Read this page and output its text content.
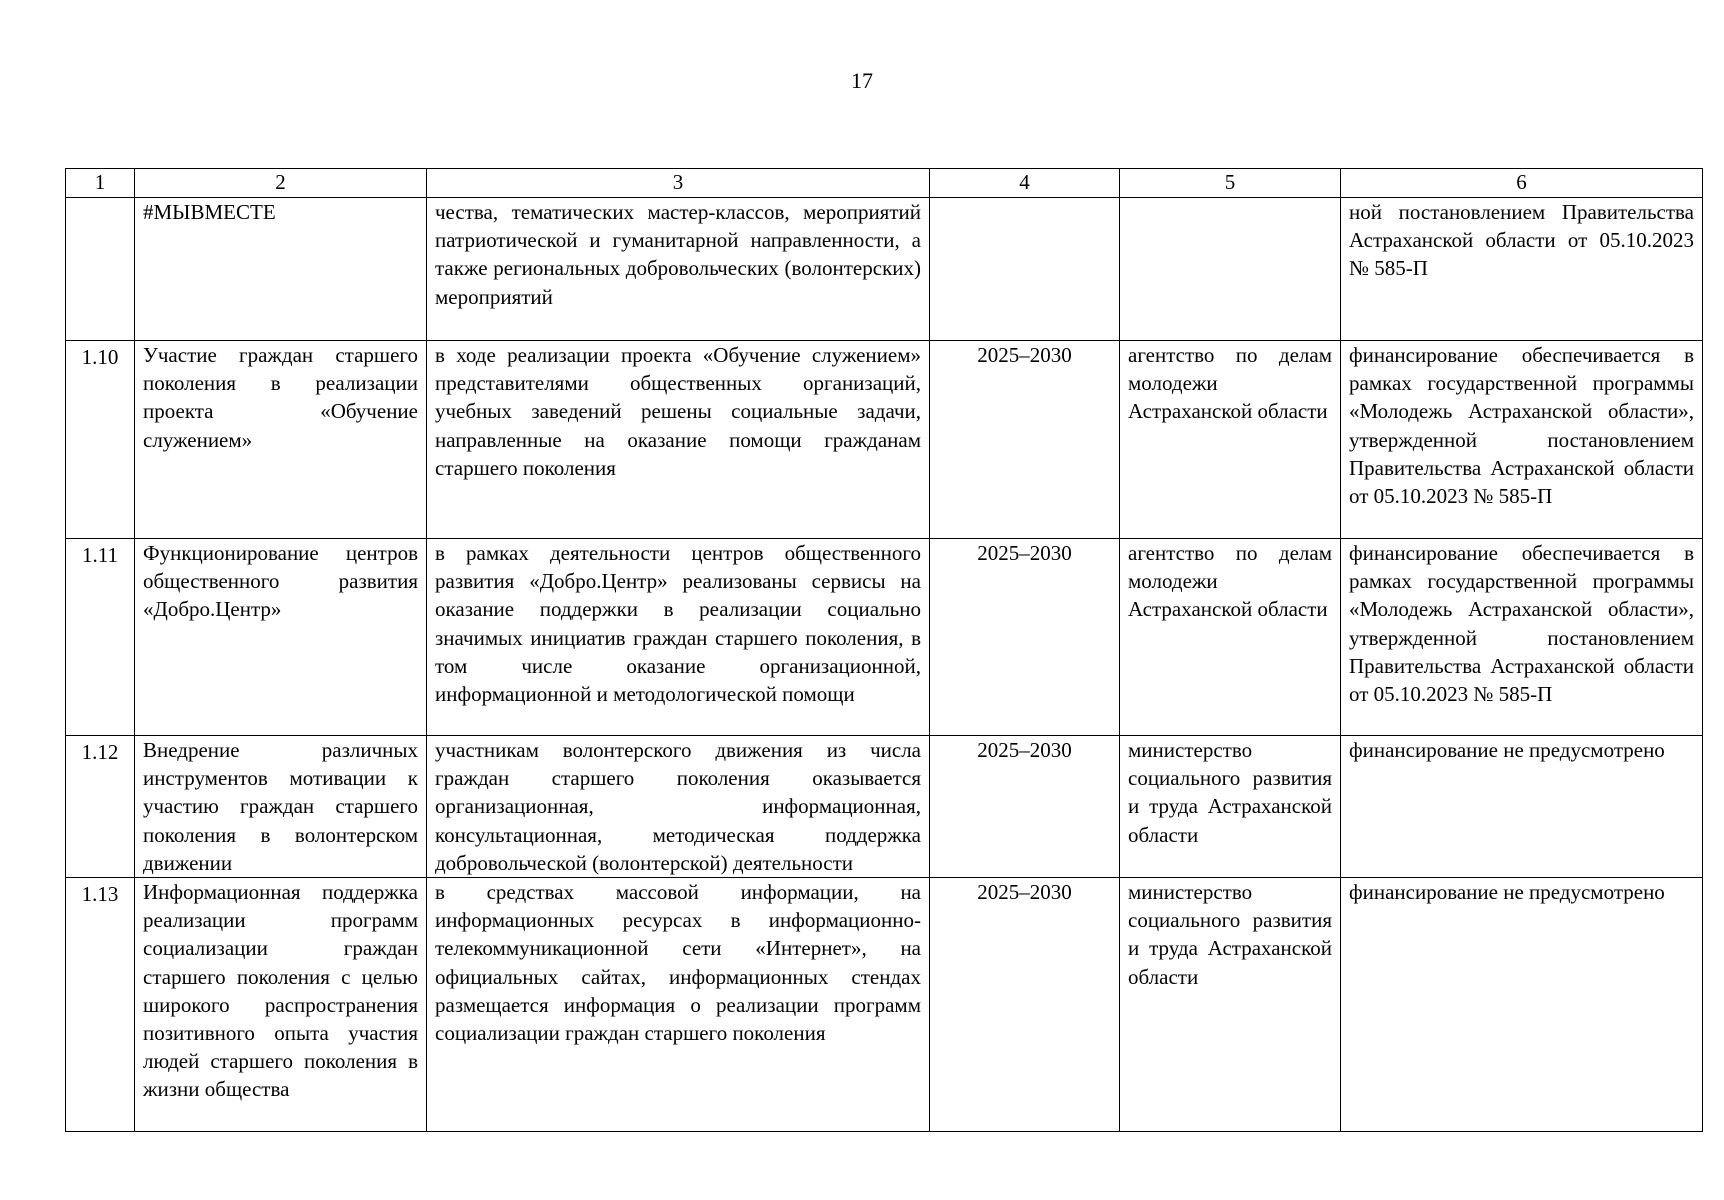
17
1	2	3	4	5	6
	#МЫВМЕСТЕ	чества, тематических мастер-классов, мероприятий патриотической и гуманитарной направленности, а также региональных добровольческих (волонтерских) мероприятий			ной постановлением Правительства Астраханской области от 05.10.2023 № 585-П
1.10	Участие граждан старшего поколения в реализации проекта «Обучение служением»	в ходе реализации проекта «Обучение служением» представителями общественных организаций, учебных заведений решены социальные задачи, направленные на оказание помощи гражданам старшего поколения	2025–2030	агентство по делам молодежи Астраханской области	финансирование обеспечивается в рамках государственной программы «Молодежь Астраханской области», утвержденной постановлением Правительства Астраханской области от 05.10.2023 № 585-П
1.11	Функционирование центров общественного развития «Добро.Центр»	в рамках деятельности центров общественного развития «Добро.Центр» реализованы сервисы на оказание поддержки в реализации социально значимых инициатив граждан старшего поколения, в том числе оказание организационной, информационной и методологической помощи	2025–2030	агентство по делам молодежи Астраханской области	финансирование обеспечивается в рамках государственной программы «Молодежь Астраханской области», утвержденной постановлением Правительства Астраханской области от 05.10.2023 № 585-П
1.12	Внедрение различных инструментов мотивации к участию граждан старшего поколения в волонтерском движении	участникам волонтерского движения из числа граждан старшего поколения оказывается организационная, информационная, консультационная, методическая поддержка добровольческой (волонтерской) деятельности	2025–2030	министерство социального развития и труда Астраханской области	финансирование не предусмотрено
1.13	Информационная поддержка реализации программ социализации граждан старшего поколения с целью широкого распространения позитивного опыта участия людей старшего поколения в жизни общества	в средствах массовой информации, на информационных ресурсах в информационно-телекоммуникационной сети «Интернет», на официальных сайтах, информационных стендах размещается информация о реализации программ социализации граждан старшего поколения	2025–2030	министерство социального развития и труда Астраханской области	финансирование не предусмотрено
